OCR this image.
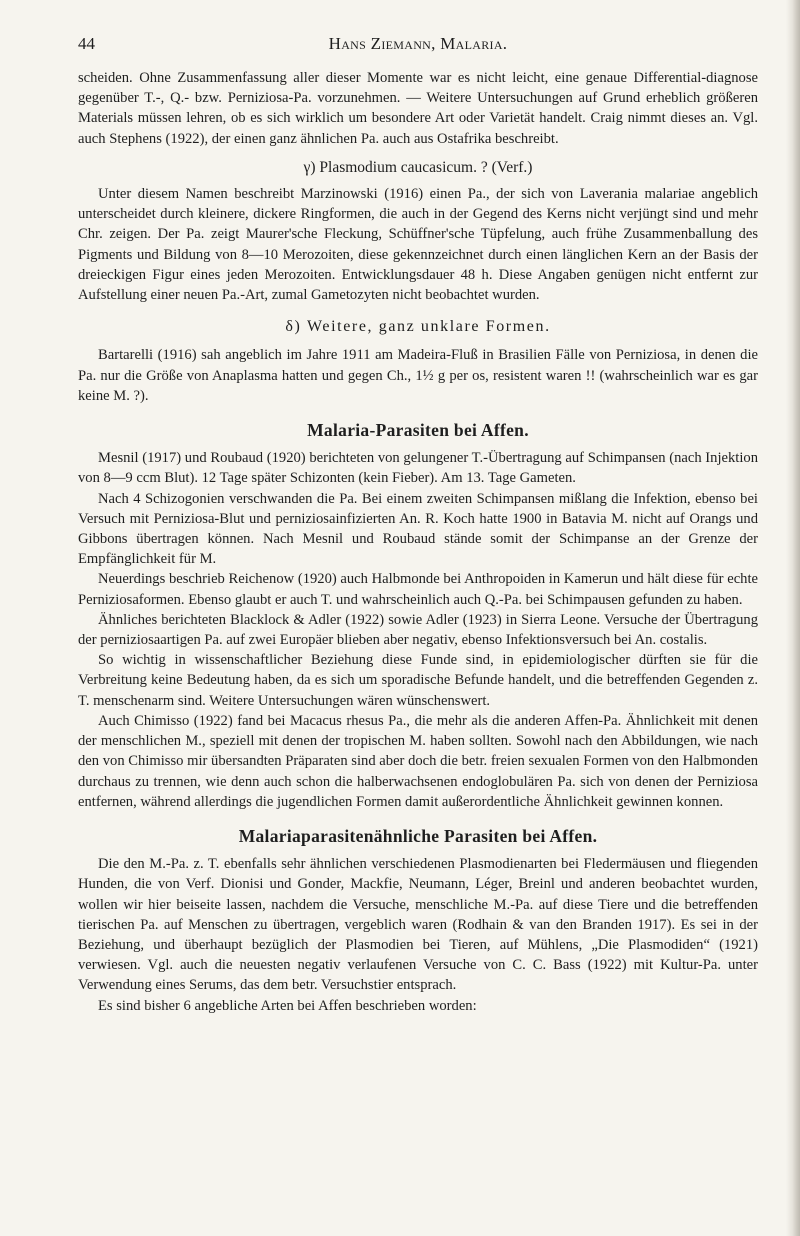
44	Hans Ziemann, Malaria.

scheiden. Ohne Zusammenfassung aller dieser Momente war es nicht leicht, eine genaue Differential-diagnose gegenüber T.-, Q.- bzw. Perniziosa-Pa. vorzunehmen. — Weitere Untersuchungen auf Grund erheblich größeren Materials müssen lehren, ob es sich wirklich um besondere Art oder Varietät handelt. Craig nimmt dieses an. Vgl. auch Stephens (1922), der einen ganz ähnlichen Pa. auch aus Ostafrika beschreibt.

γ) Plasmodium caucasicum. ? (Verf.)

Unter diesem Namen beschreibt Marzinowski (1916) einen Pa., der sich von Laverania malariae angeblich unterscheidet durch kleinere, dickere Ringformen, die auch in der Gegend des Kerns nicht verjüngt sind und mehr Chr. zeigen. Der Pa. zeigt Maurer'sche Fleckung, Schüffner'sche Tüpfelung, auch frühe Zusammenballung des Pigments und Bildung von 8—10 Merozoiten, diese gekennzeichnet durch einen länglichen Kern an der Basis der dreieckigen Figur eines jeden Merozoiten. Entwicklungsdauer 48 h. Diese Angaben genügen nicht entfernt zur Aufstellung einer neuen Pa.-Art, zumal Gametozyten nicht beobachtet wurden.

δ) Weitere, ganz unklare Formen.

Bartarelli (1916) sah angeblich im Jahre 1911 am Madeira-Fluß in Brasilien Fälle von Perniziosa, in denen die Pa. nur die Größe von Anaplasma hatten und gegen Ch., 1½ g per os, resistent waren !! (wahrscheinlich war es gar keine M. ?).

Malaria-Parasiten bei Affen.

Mesnil (1917) und Roubaud (1920) berichteten von gelungener T.-Übertragung auf Schimpansen (nach Injektion von 8—9 ccm Blut). 12 Tage später Schizonten (kein Fieber). Am 13. Tage Gameten.

Nach 4 Schizogonien verschwanden die Pa. Bei einem zweiten Schimpansen mißlang die Infektion, ebenso bei Versuch mit Perniziosa-Blut und perniziosainfizierten An. R. Koch hatte 1900 in Batavia M. nicht auf Orangs und Gibbons übertragen können. Nach Mesnil und Roubaud stände somit der Schimpanse an der Grenze der Empfänglichkeit für M.

Neuerdings beschrieb Reichenow (1920) auch Halbmonde bei Anthropoiden in Kamerun und hält diese für echte Perniziosaformen. Ebenso glaubt er auch T. und wahrscheinlich auch Q.-Pa. bei Schimpausen gefunden zu haben.

Ähnliches berichteten Blacklock & Adler (1922) sowie Adler (1923) in Sierra Leone. Versuche der Übertragung der perniziosaartigen Pa. auf zwei Europäer blieben aber negativ, ebenso Infektionsversuch bei An. costalis.

So wichtig in wissenschaftlicher Beziehung diese Funde sind, in epidemiologischer dürften sie für die Verbreitung keine Bedeutung haben, da es sich um sporadische Befunde handelt, und die betreffenden Gegenden z. T. menschenarm sind. Weitere Untersuchungen wären wünschenswert.

Auch Chimisso (1922) fand bei Macacus rhesus Pa., die mehr als die anderen Affen-Pa. Ähnlichkeit mit denen der menschlichen M., speziell mit denen der tropischen M. haben sollten. Sowohl nach den Abbildungen, wie nach den von Chimisso mir übersandten Präparaten sind aber doch die betr. freien sexualen Formen von den Halbmonden durchaus zu trennen, wie denn auch schon die halberwachsenen endoglobulären Pa. sich von denen der Perniziosa entfernen, während allerdings die jugendlichen Formen damit außerordentliche Ähnlichkeit gewinnen konnen.

Malariaparasitenähnliche Parasiten bei Affen.

Die den M.-Pa. z. T. ebenfalls sehr ähnlichen verschiedenen Plasmodienarten bei Fledermäusen und fliegenden Hunden, die von Verf. Dionisi und Gonder, Mackfie, Neumann, Léger, Breinl und anderen beobachtet wurden, wollen wir hier beiseite lassen, nachdem die Versuche, menschliche M.-Pa. auf diese Tiere und die betreffenden tierischen Pa. auf Menschen zu übertragen, vergeblich waren (Rodhain & van den Branden 1917). Es sei in der Beziehung, und überhaupt bezüglich der Plasmodien bei Tieren, auf Mühlens, „Die Plasmodiden“ (1921) verwiesen. Vgl. auch die neuesten negativ verlaufenen Versuche von C. C. Bass (1922) mit Kultur-Pa. unter Verwendung eines Serums, das dem betr. Versuchstier entsprach.

Es sind bisher 6 angebliche Arten bei Affen beschrieben worden:
